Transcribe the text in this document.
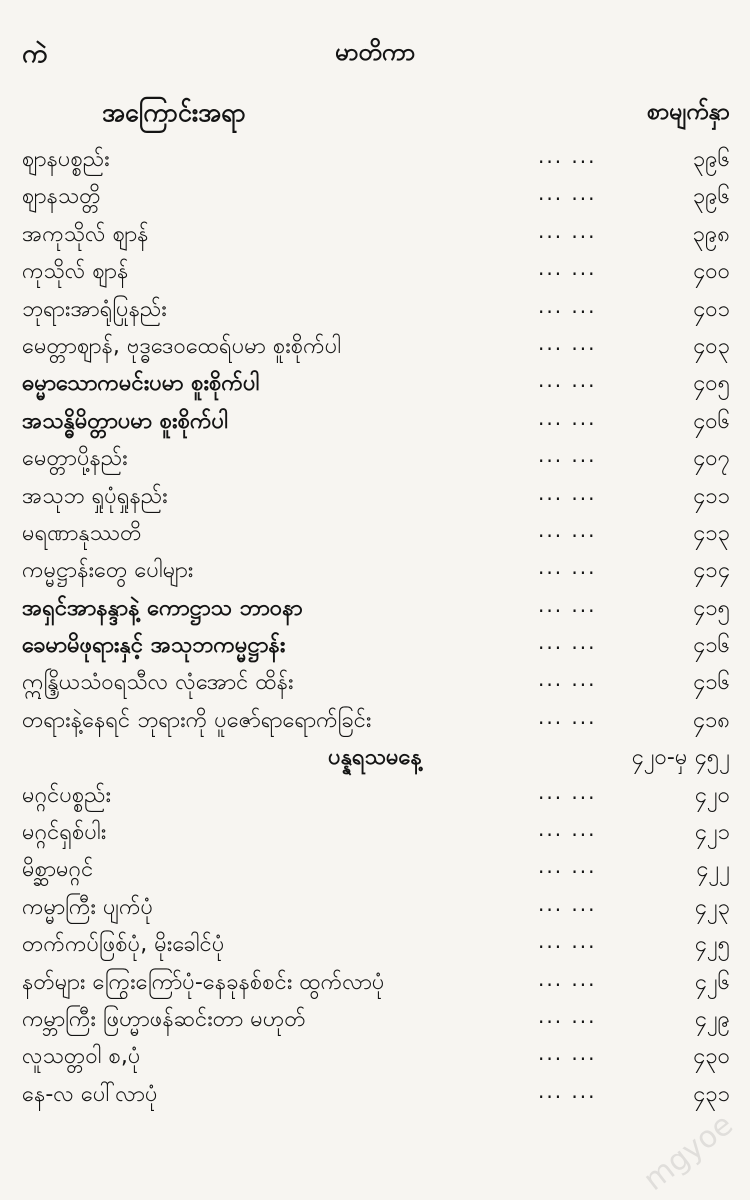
ကဲ	မာတိကာ
အကြောင်းအရာ	စာမျက်နှာ
ဈာနပစ္စည်း	... ...	၃၉၆
ဈာနသတ္တိ	... ...	၃၉၆
အကုသိုလ် ဈာန်	... ...	၃၉၈
ကုသိုလ် ဈာန်	... ...	၄၀၀
ဘုရားအာရုံပြုနည်း	... ...	၄၀၁
မေတ္တာဈာန်, ဗုဒ္ဓဒေဝထေရ်ပမာ စူးစိုက်ပါ	... ...	၄၀၃
ဓမ္မာသောကမင်းပမာ စူးစိုက်ပါ	... ...	၄၀၅
အသန္ဓိမိတ္တာပမာ စူးစိုက်ပါ	... ...	၄၀၆
မေတ္တာပို့နည်း	... ...	၄၀၇
အသုဘ ရှုပုံရှုနည်း	... ...	၄၁၁
မရဏာနုဿတိ	... ...	၄၁၃
ကမ္မဋ္ဌာန်းတွေ ပေါများ	... ...	၄၁၄
အရှင်အာနန္ဒာနဲ့ ကောဋ္ဌာသ ဘာဝနာ	... ...	၄၁၅
ခေမာမိဖုရားနှင့် အသုဘကမ္မဋ္ဌာန်း	... ...	၄၁၆
ဣန္ဒြိယသံဝရသီလ လုံအောင် ထိန်း	... ...	၄၁၆
တရားနဲ့နေရင် ဘုရားကို ပူဇော်ရာရောက်ခြင်း	... ...	၄၁၈
ပန္နရသမနေ့	၄၂၀-မှ ၄၅၂
မဂ္ဂင်ပစ္စည်း	... ...	၄၂၀
မဂ္ဂင်ရှစ်ပါး	... ...	၄၂၁
မိစ္ဆာမဂ္ဂင်	... ...	၄၂၂
ကမ္မာကြီး ပျက်ပုံ	... ...	၄၂၃
တက်ကပ်ဖြစ်ပုံ, မိုးခေါင်ပုံ	... ...	၄၂၅
နတ်များ ကြွေးကြော်ပုံ-နေခုနစ်စင်း ထွက်လာပုံ	... ...	၄၂၆
ကမ္ဘာကြီး ဖြဟ္မာဖန်ဆင်းတာ မဟုတ်	... ...	၄၂၉
လူသတ္တဝါ စ,ပုံ	... ...	၄၃၀
နေ-လ ပေါ်လာပုံ	... ...	၄၃၁
mgyoe
